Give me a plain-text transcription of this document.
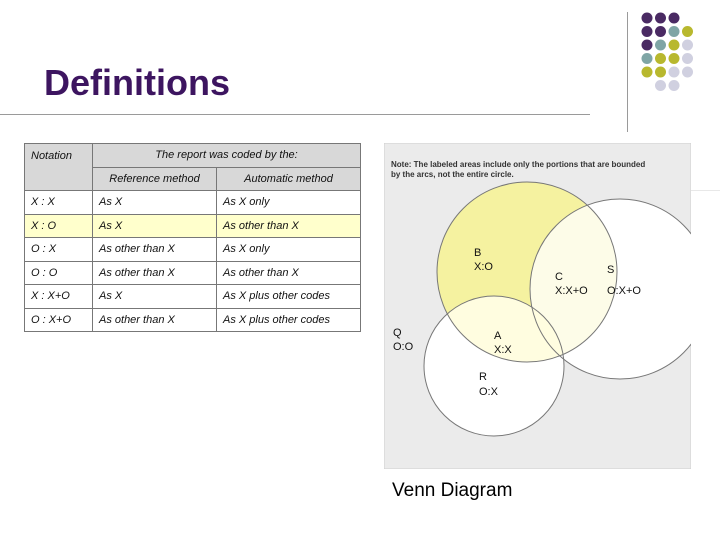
Definitions
Notation	The report was coded by the:	
	Reference method	Automatic method
X : X	As X	As X only
X : O	As X	As other than X
O : X	As other than X	As X only
O : O	As other than X	As other than X
X : X+O	As X	As X plus other codes
O : X+O	As other than X	As X plus other codes
Note: The labeled areas include only the portions that are bounded
by the arcs, not the entire circle.
B
X:O
C
X:X+O
S
O:X+O
Q
O:O
A
X:X
R
O:X
Venn Diagram
